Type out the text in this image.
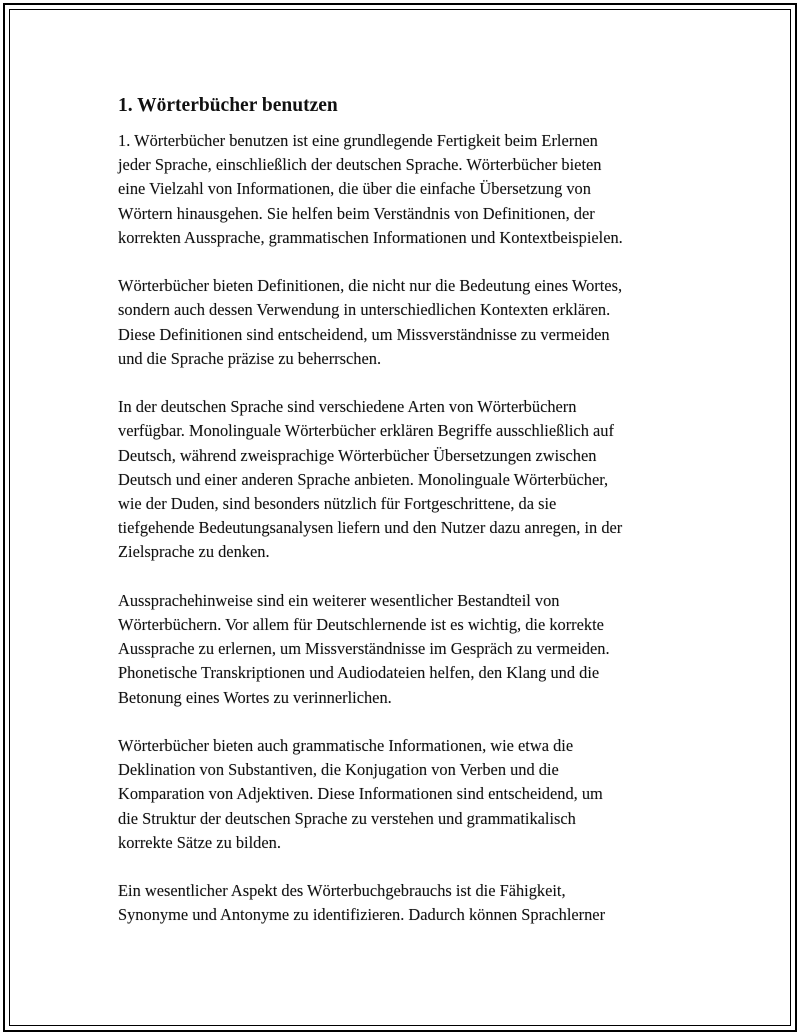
1. Wörterbücher benutzen

1. Wörterbücher benutzen ist eine grundlegende Fertigkeit beim Erlernen
jeder Sprache, einschließlich der deutschen Sprache. Wörterbücher bieten
eine Vielzahl von Informationen, die über die einfache Übersetzung von
Wörtern hinausgehen. Sie helfen beim Verständnis von Definitionen, der
korrekten Aussprache, grammatischen Informationen und Kontextbeispielen.

Wörterbücher bieten Definitionen, die nicht nur die Bedeutung eines Wortes,
sondern auch dessen Verwendung in unterschiedlichen Kontexten erklären.
Diese Definitionen sind entscheidend, um Missverständnisse zu vermeiden
und die Sprache präzise zu beherrschen.

In der deutschen Sprache sind verschiedene Arten von Wörterbüchern
verfügbar. Monolinguale Wörterbücher erklären Begriffe ausschließlich auf
Deutsch, während zweisprachige Wörterbücher Übersetzungen zwischen
Deutsch und einer anderen Sprache anbieten. Monolinguale Wörterbücher,
wie der Duden, sind besonders nützlich für Fortgeschrittene, da sie
tiefgehende Bedeutungsanalysen liefern und den Nutzer dazu anregen, in der
Zielsprache zu denken.

Aussprachehinweise sind ein weiterer wesentlicher Bestandteil von
Wörterbüchern. Vor allem für Deutschlernende ist es wichtig, die korrekte
Aussprache zu erlernen, um Missverständnisse im Gespräch zu vermeiden.
Phonetische Transkriptionen und Audiodateien helfen, den Klang und die
Betonung eines Wortes zu verinnerlichen.

Wörterbücher bieten auch grammatische Informationen, wie etwa die
Deklination von Substantiven, die Konjugation von Verben und die
Komparation von Adjektiven. Diese Informationen sind entscheidend, um
die Struktur der deutschen Sprache zu verstehen und grammatikalisch
korrekte Sätze zu bilden.

Ein wesentlicher Aspekt des Wörterbuchgebrauchs ist die Fähigkeit,
Synonyme und Antonyme zu identifizieren. Dadurch können Sprachlerner
